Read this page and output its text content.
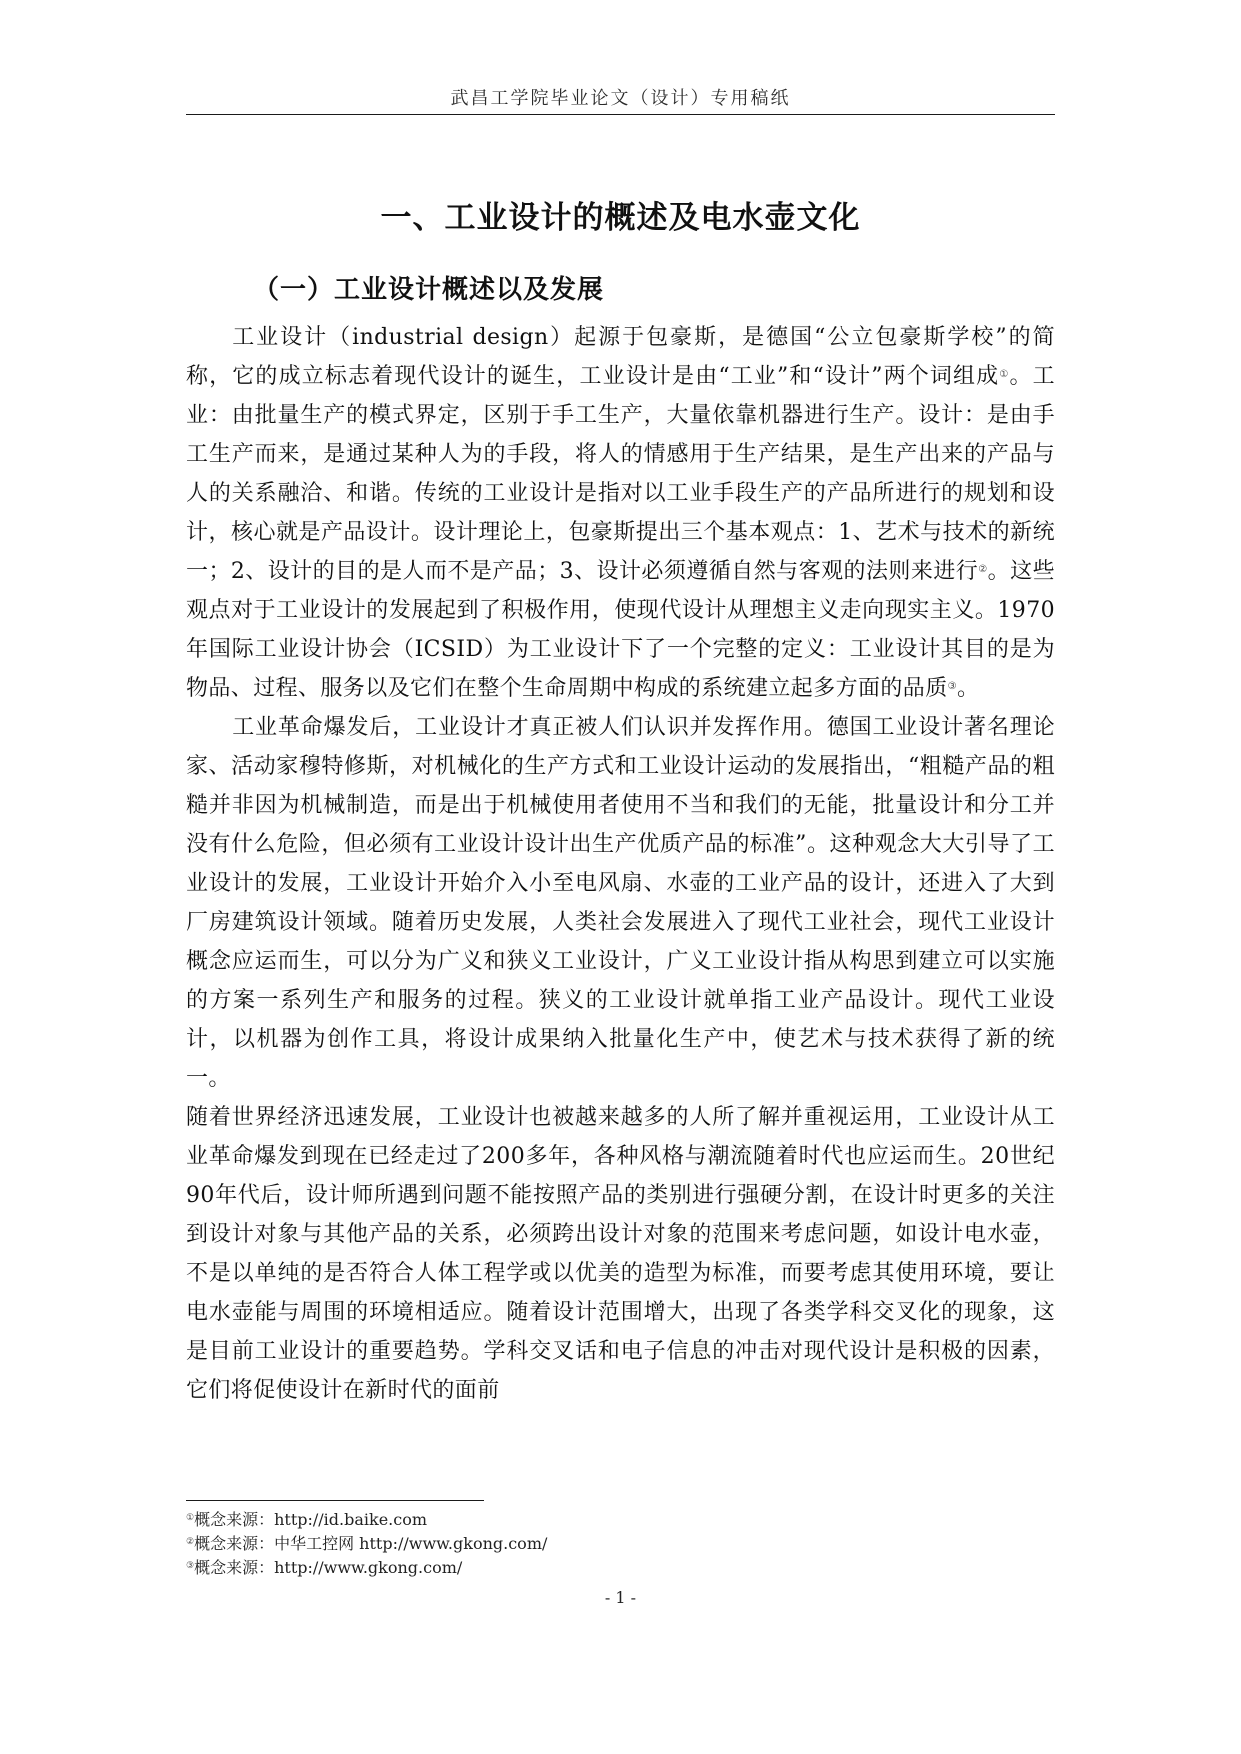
武昌工学院毕业论文（设计）专用稿纸
一、工业设计的概述及电水壶文化
（一）工业设计概述以及发展

工业设计（industrial design）起源于包豪斯，是德国“公立包豪斯学校”的简称，它的成立标志着现代设计的诞生，工业设计是由“工业”和“设计”两个词组成①。工业：由批量生产的模式界定，区别于手工生产，大量依靠机器进行生产。设计：是由手工生产而来，是通过某种人为的手段，将人的情感用于生产结果，是生产出来的产品与人的关系融洽、和谐。传统的工业设计是指对以工业手段生产的产品所进行的规划和设计，核心就是产品设计。设计理论上，包豪斯提出三个基本观点：1、艺术与技术的新统一；2、设计的目的是人而不是产品；3、设计必须遵循自然与客观的法则来进行②。这些观点对于工业设计的发展起到了积极作用，使现代设计从理想主义走向现实主义。1970年国际工业设计协会（ICSID）为工业设计下了一个完整的定义：工业设计其目的是为物品、过程、服务以及它们在整个生命周期中构成的系统建立起多方面的品质③。

工业革命爆发后，工业设计才真正被人们认识并发挥作用。德国工业设计著名理论家、活动家穆特修斯，对机械化的生产方式和工业设计运动的发展指出，“粗糙产品的粗糙并非因为机械制造，而是出于机械使用者使用不当和我们的无能，批量设计和分工并没有什么危险，但必须有工业设计设计出生产优质产品的标准”。这种观念大大引导了工业设计的发展，工业设计开始介入小至电风扇、水壶的工业产品的设计，还进入了大到厂房建筑设计领域。随着历史发展，人类社会发展进入了现代工业社会，现代工业设计概念应运而生，可以分为广义和狭义工业设计，广义工业设计指从构思到建立可以实施的方案一系列生产和服务的过程。狭义的工业设计就单指工业产品设计。现代工业设计，以机器为创作工具，将设计成果纳入批量化生产中，使艺术与技术获得了新的统一。

随着世界经济迅速发展，工业设计也被越来越多的人所了解并重视运用，工业设计从工业革命爆发到现在已经走过了200多年，各种风格与潮流随着时代也应运而生。20世纪90年代后，设计师所遇到问题不能按照产品的类别进行强硬分割，在设计时更多的关注到设计对象与其他产品的关系，必须跨出设计对象的范围来考虑问题，如设计电水壶，不是以单纯的是否符合人体工程学或以优美的造型为标准，而要考虑其使用环境，要让电水壶能与周围的环境相适应。随着设计范围增大，出现了各类学科交叉化的现象，这是目前工业设计的重要趋势。学科交叉话和电子信息的冲击对现代设计是积极的因素，它们将促使设计在新时代的面前

①概念来源：http://id.baike.com
②概念来源：中华工控网 http://www.gkong.com/
③概念来源：http://www.gkong.com/
- 1 -
